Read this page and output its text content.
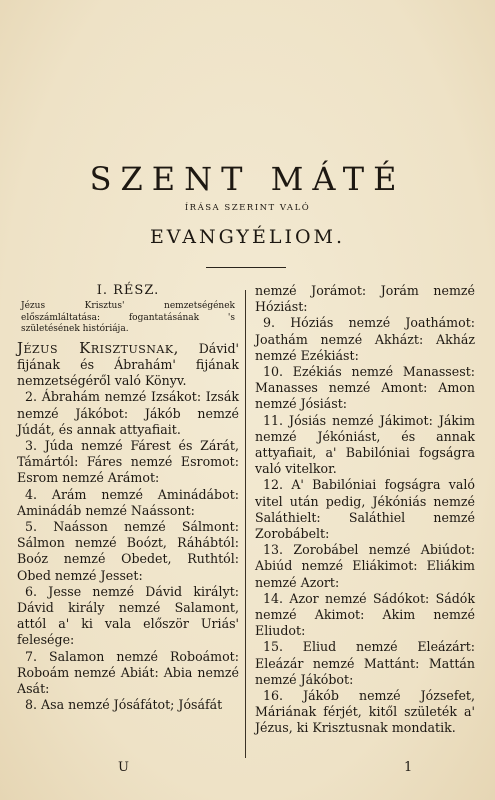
SZENT MÁTÉ
ÍRÁSA SZERINT VALÓ
EVANGYÉLIOM.
I. RÉSZ.

Jézus Krisztus' nemzetségének előszámláltatása: fogantatásának 's születésének históriája.

Jézus Krisztusnak, Dávid' fijának és Ábrahám' fijának nemzetségéről való Könyv.

2. Ábrahám nemzé Izsákot: Izsák nemzé Jákóbot: Jákób nemzé Júdát, és annak attyafiait.

3. Júda nemzé Fárest és Zárát, Támártól: Fáres nemzé Esromot: Esrom nemzé Arámot:

4. Arám nemzé Aminádábot: Aminádáb nemzé Naássont:

5. Naásson nemzé Sálmont: Sálmon nemzé Boózt, Ráhábtól: Boóz nemzé Obedet, Ruthtól: Obed nemzé Jesset:

6. Jesse nemzé Dávid királyt: Dávid király nemzé Salamont, attól a' ki vala először Uriás' felesége:

7. Salamon nemzé Roboámot: Roboám nemzé Abiát: Abia nemzé Asát:

8. Asa nemzé Jósáfátot; Jósáfát

nemzé Jorámot: Jorám nemzé Hóziást:

9. Hóziás nemzé Joathámot: Joathám nemzé Akházt: Akház nemzé Ezékiást:

10. Ezékiás nemzé Manassest: Manasses nemzé Amont: Amon nemzé Jósiást:

11. Jósiás nemzé Jákimot: Jákim nemzé Jékóniást, és annak attyafiait, a' Babilóniai fogságra való vitelkor.

12. A' Babilóniai fogságra való vitel után pedig, Jékóniás nemzé Saláthielt: Saláthiel nemzé Zorobábelt:

13. Zorobábel nemzé Abiúdot: Abiúd nemzé Eliákimot: Eliákim nemzé Azort:

14. Azor nemzé Sádókot: Sádók nemzé Akimot: Akim nemzé Eliudot:

15. Eliud nemzé Eleázárt: Eleázár nemzé Mattánt: Mattán nemzé Jákóbot:

16. Jákób nemzé Józsefet, Máriának férjét, kitől születék a' Jézus, ki Krisztusnak mondatik.

U	1
